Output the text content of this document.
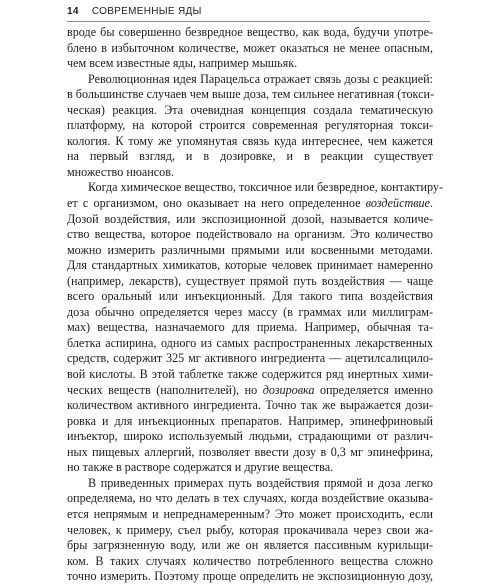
14 СОВРЕМЕННЫЕ ЯДЫ
вроде бы совершенно безвредное вещество, как вода, будучи употре-
блено в избыточном количестве, может оказаться не менее опасным,
чем всем известные яды, например мышьяк.
Революционная идея Парацельса отражает связь дозы с реакцией:
в большинстве случаев чем выше доза, тем сильнее негативная (токси-
ческая) реакция. Эта очевидная концепция создала тематическую
платформу, на которой строится современная регуляторная токси-
кология. К тому же упомянутая связь куда интереснее, чем кажется
на первый взгляд, и в дозировке, и в реакции существует
множество нюансов.
Когда химическое вещество, токсичное или безвредное, контактиру-
ет с организмом, оно оказывает на него определенное воздействие.
Дозой воздействия, или экспозиционной дозой, называется количе-
ство вещества, которое подействовало на организм. Это количество
можно измерить различными прямыми или косвенными методами.
Для стандартных химикатов, которые человек принимает намеренно
(например, лекарств), существует прямой путь воздействия — чаще
всего оральный или инъекционный. Для такого типа воздействия
доза обычно определяется через массу (в граммах или миллиграм-
мах) вещества, назначаемого для приема. Например, обычная та-
блетка аспирина, одного из самых распространенных лекарственных
средств, содержит 325 мг активного ингредиента — ацетилсалицило-
вой кислоты. В этой таблетке также содержится ряд инертных хими-
ческих веществ (наполнителей), но дозировка определяется именно
количеством активного ингредиента. Точно так же выражается дози-
ровка и для инъекционных препаратов. Например, эпинефриновый
инъектор, широко используемый людьми, страдающими от различ-
ных пищевых аллергий, позволяет ввести дозу в 0,3 мг эпинефрина,
но также в растворе содержатся и другие вещества.
В приведенных примерах путь воздействия прямой и доза легко
определяема, но что делать в тех случаях, когда воздействие оказыва-
ется непрямым и непреднамеренным? Это может происходить, если
человек, к примеру, съел рыбу, которая прокачивала через свои жа-
бры загрязненную воду, или же он является пассивным курильщи-
ком. В таких случаях количество потребленного вещества сложно
точно измерить. Поэтому проще определить не экспозиционную дозу,
